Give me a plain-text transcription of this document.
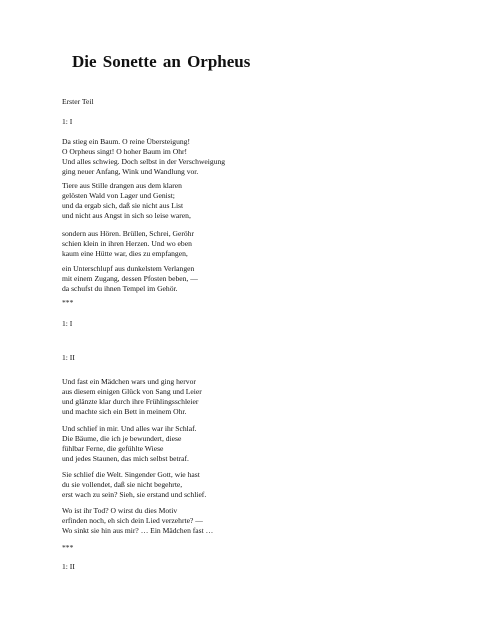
Die Sonette an Orpheus
Erster Teil
1: I
Da stieg ein Baum. O reine Übersteigung!
O Orpheus singt! O hoher Baum im Ohr!
Und alles schwieg. Doch selbst in der Verschweigung
ging neuer Anfang, Wink und Wandlung vor.
Tiere aus Stille drangen aus dem klaren
gelösten Wald von Lager und Genist;
und da ergab sich, daß sie nicht aus List
und nicht aus Angst in sich so leise waren,
sondern aus Hören. Brüllen, Schrei, Geröhr
schien klein in ihren Herzen. Und wo eben
kaum eine Hütte war, dies zu empfangen,
ein Unterschlupf aus dunkelstem Verlangen
mit einem Zugang, dessen Pfosten beben, —
da schufst du ihnen Tempel im Gehör.
***
1: I
1: II
Und fast ein Mädchen wars und ging hervor
aus diesem einigen Glück von Sang und Leier
und glänzte klar durch ihre Frühlingsschleier
und machte sich ein Bett in meinem Ohr.
Und schlief in mir. Und alles war ihr Schlaf.
Die Bäume, die ich je bewundert, diese
fühlbar Ferne, die gefühlte Wiese
und jedes Staunen, das mich selbst betraf.
Sie schlief die Welt. Singender Gott, wie hast
du sie vollendet, daß sie nicht begehrte,
erst wach zu sein? Sieh, sie erstand und schlief.
Wo ist ihr Tod? O wirst du dies Motiv
erfinden noch, eh sich dein Lied verzehrte? —
Wo sinkt sie hin aus mir? … Ein Mädchen fast …
***
1: II
